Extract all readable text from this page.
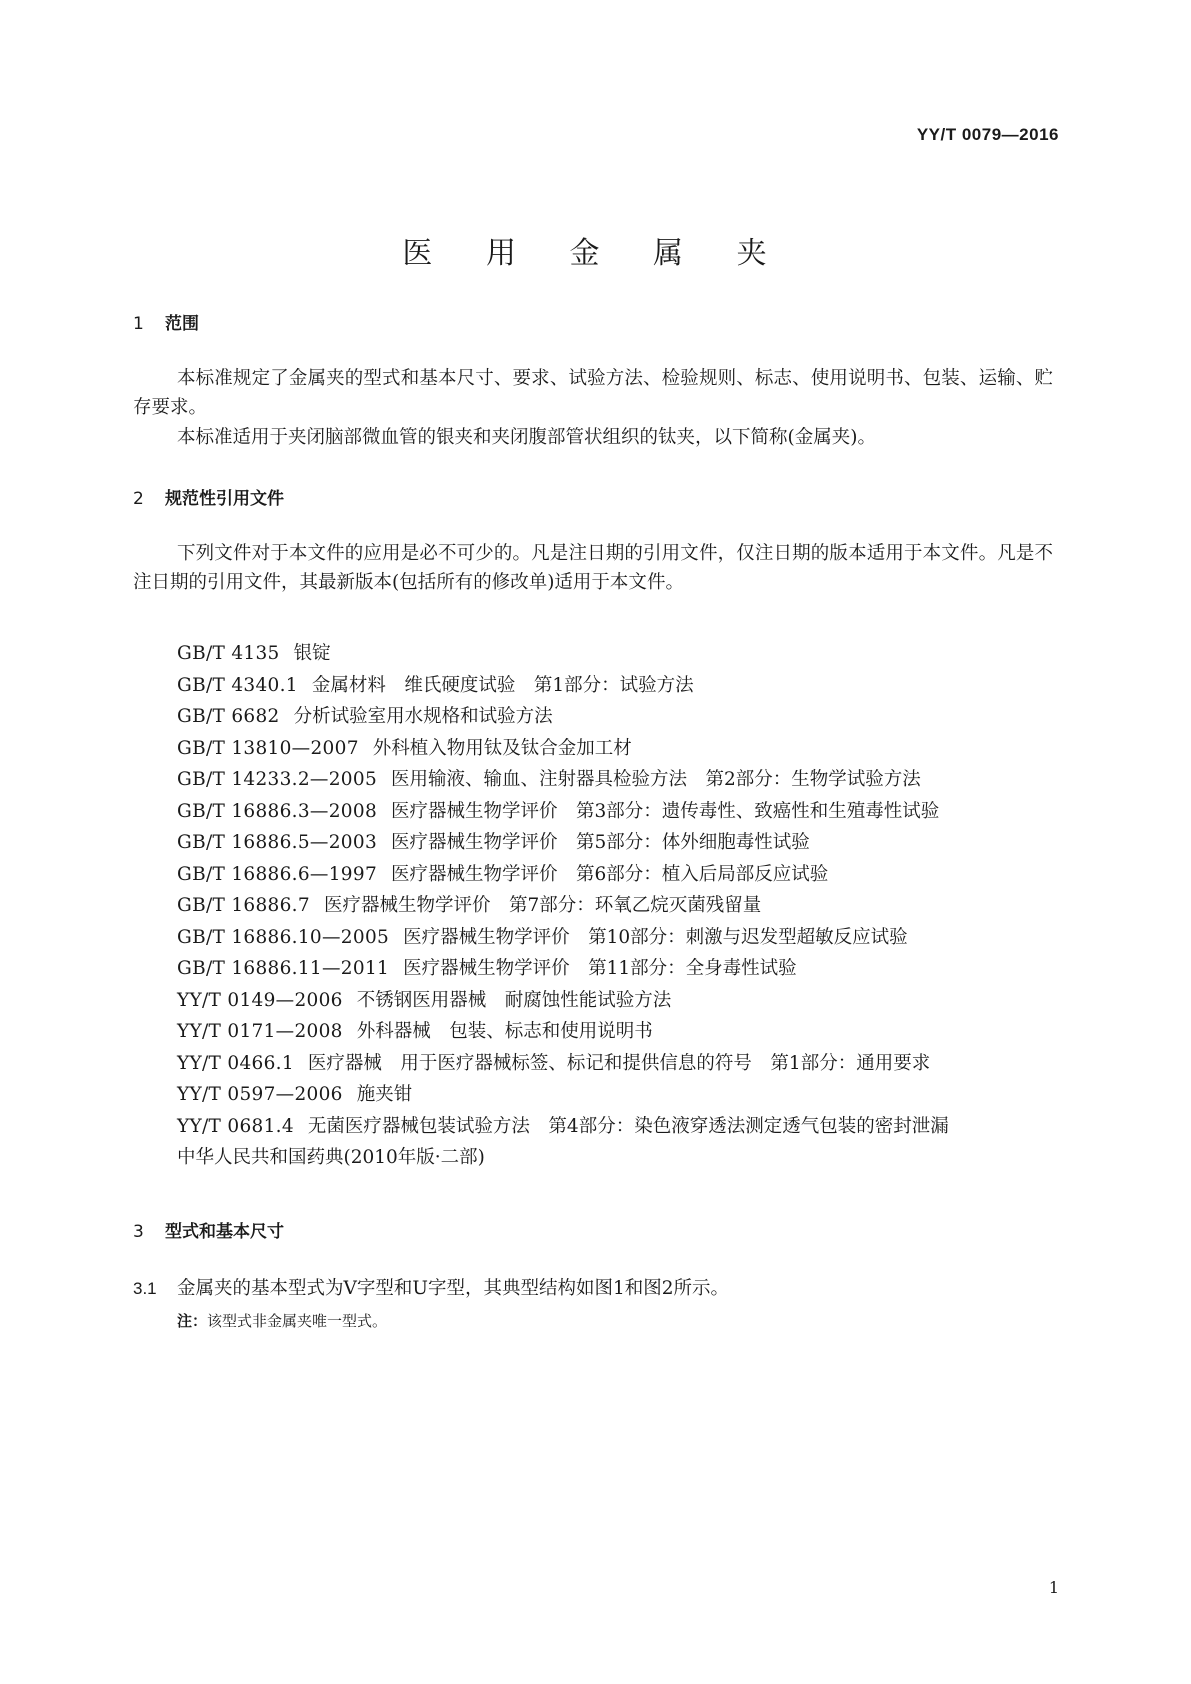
YY/T 0079—2016
医 用 金 属 夹
1 范围
本标准规定了金属夹的型式和基本尺寸、要求、试验方法、检验规则、标志、使用说明书、包装、运输、贮存要求。
本标准适用于夹闭脑部微血管的银夹和夹闭腹部管状组织的钛夹，以下简称(金属夹)。
2 规范性引用文件
下列文件对于本文件的应用是必不可少的。凡是注日期的引用文件，仅注日期的版本适用于本文件。凡是不注日期的引用文件，其最新版本(包括所有的修改单)适用于本文件。
GB/T 4135 银锭
GB/T 4340.1 金属材料　维氏硬度试验　第1部分：试验方法
GB/T 6682 分析试验室用水规格和试验方法
GB/T 13810—2007 外科植入物用钛及钛合金加工材
GB/T 14233.2—2005 医用输液、输血、注射器具检验方法　第2部分：生物学试验方法
GB/T 16886.3—2008 医疗器械生物学评价　第3部分：遗传毒性、致癌性和生殖毒性试验
GB/T 16886.5—2003 医疗器械生物学评价　第5部分：体外细胞毒性试验
GB/T 16886.6—1997 医疗器械生物学评价　第6部分：植入后局部反应试验
GB/T 16886.7 医疗器械生物学评价　第7部分：环氧乙烷灭菌残留量
GB/T 16886.10—2005 医疗器械生物学评价　第10部分：刺激与迟发型超敏反应试验
GB/T 16886.11—2011 医疗器械生物学评价　第11部分：全身毒性试验
YY/T 0149—2006 不锈钢医用器械　耐腐蚀性能试验方法
YY/T 0171—2008 外科器械　包装、标志和使用说明书
YY/T 0466.1 医疗器械　用于医疗器械标签、标记和提供信息的符号　第1部分：通用要求
YY/T 0597—2006 施夹钳
YY/T 0681.4 无菌医疗器械包装试验方法　第4部分：染色液穿透法测定透气包装的密封泄漏
中华人民共和国药典(2010年版·二部)
3 型式和基本尺寸
3.1 金属夹的基本型式为V字型和U字型，其典型结构如图1和图2所示。
注：该型式非金属夹唯一型式。
1
